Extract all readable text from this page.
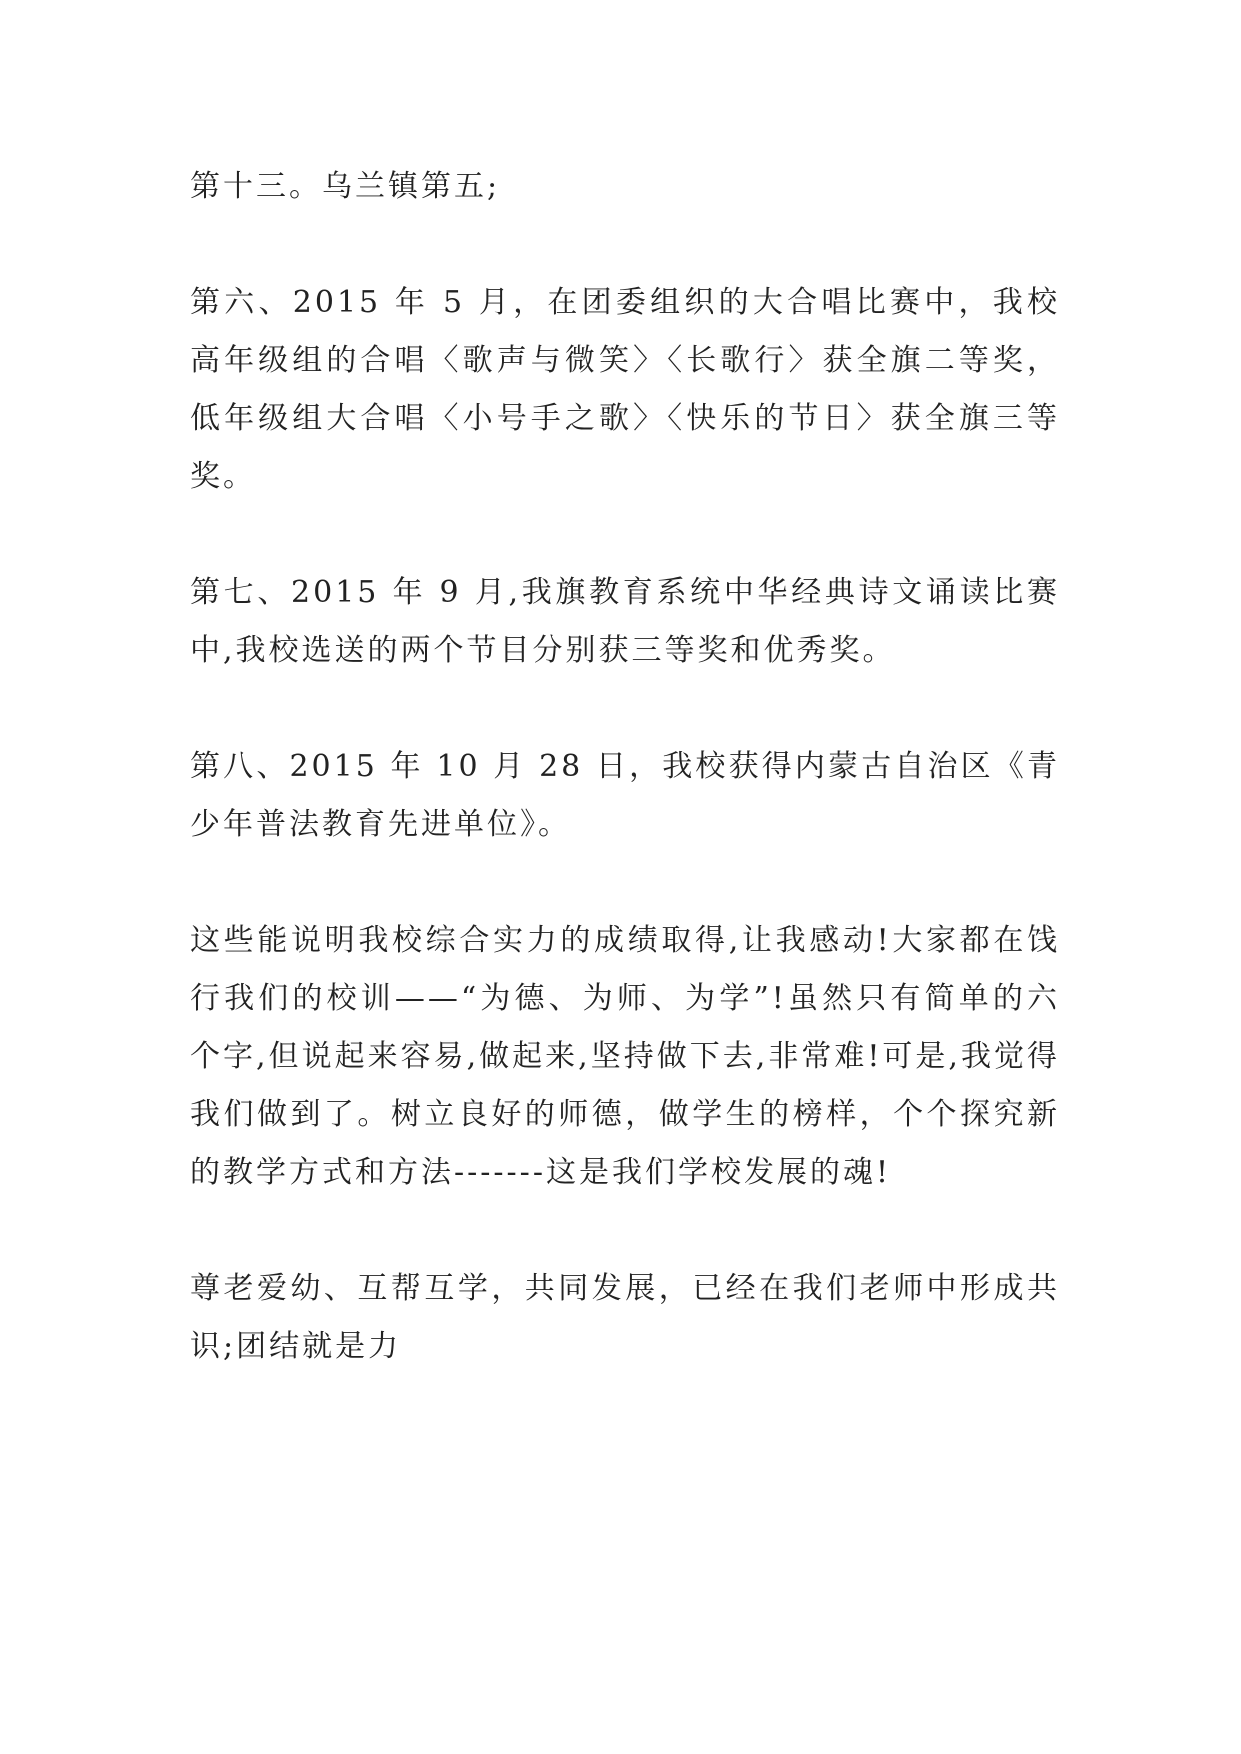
第十三。乌兰镇第五;

第六、2015 年 5 月，在团委组织的大合唱比赛中，我校高年级组的合唱〈歌声与微笑〉〈长歌行〉获全旗二等奖，低年级组大合唱〈小号手之歌〉〈快乐的节日〉获全旗三等奖。

第七、2015 年 9 月,我旗教育系统中华经典诗文诵读比赛中,我校选送的两个节目分别获三等奖和优秀奖。

第八、2015 年 10 月 28 日，我校获得内蒙古自治区《青少年普法教育先进单位》。

这些能说明我校综合实力的成绩取得,让我感动!大家都在饯行我们的校训——“为德、为师、为学”!虽然只有简单的六个字,但说起来容易,做起来,坚持做下去,非常难!可是,我觉得我们做到了。树立良好的师德，做学生的榜样，个个探究新的教学方式和方法-------这是我们学校发展的魂!

尊老爱幼、互帮互学，共同发展，已经在我们老师中形成共识;团结就是力
